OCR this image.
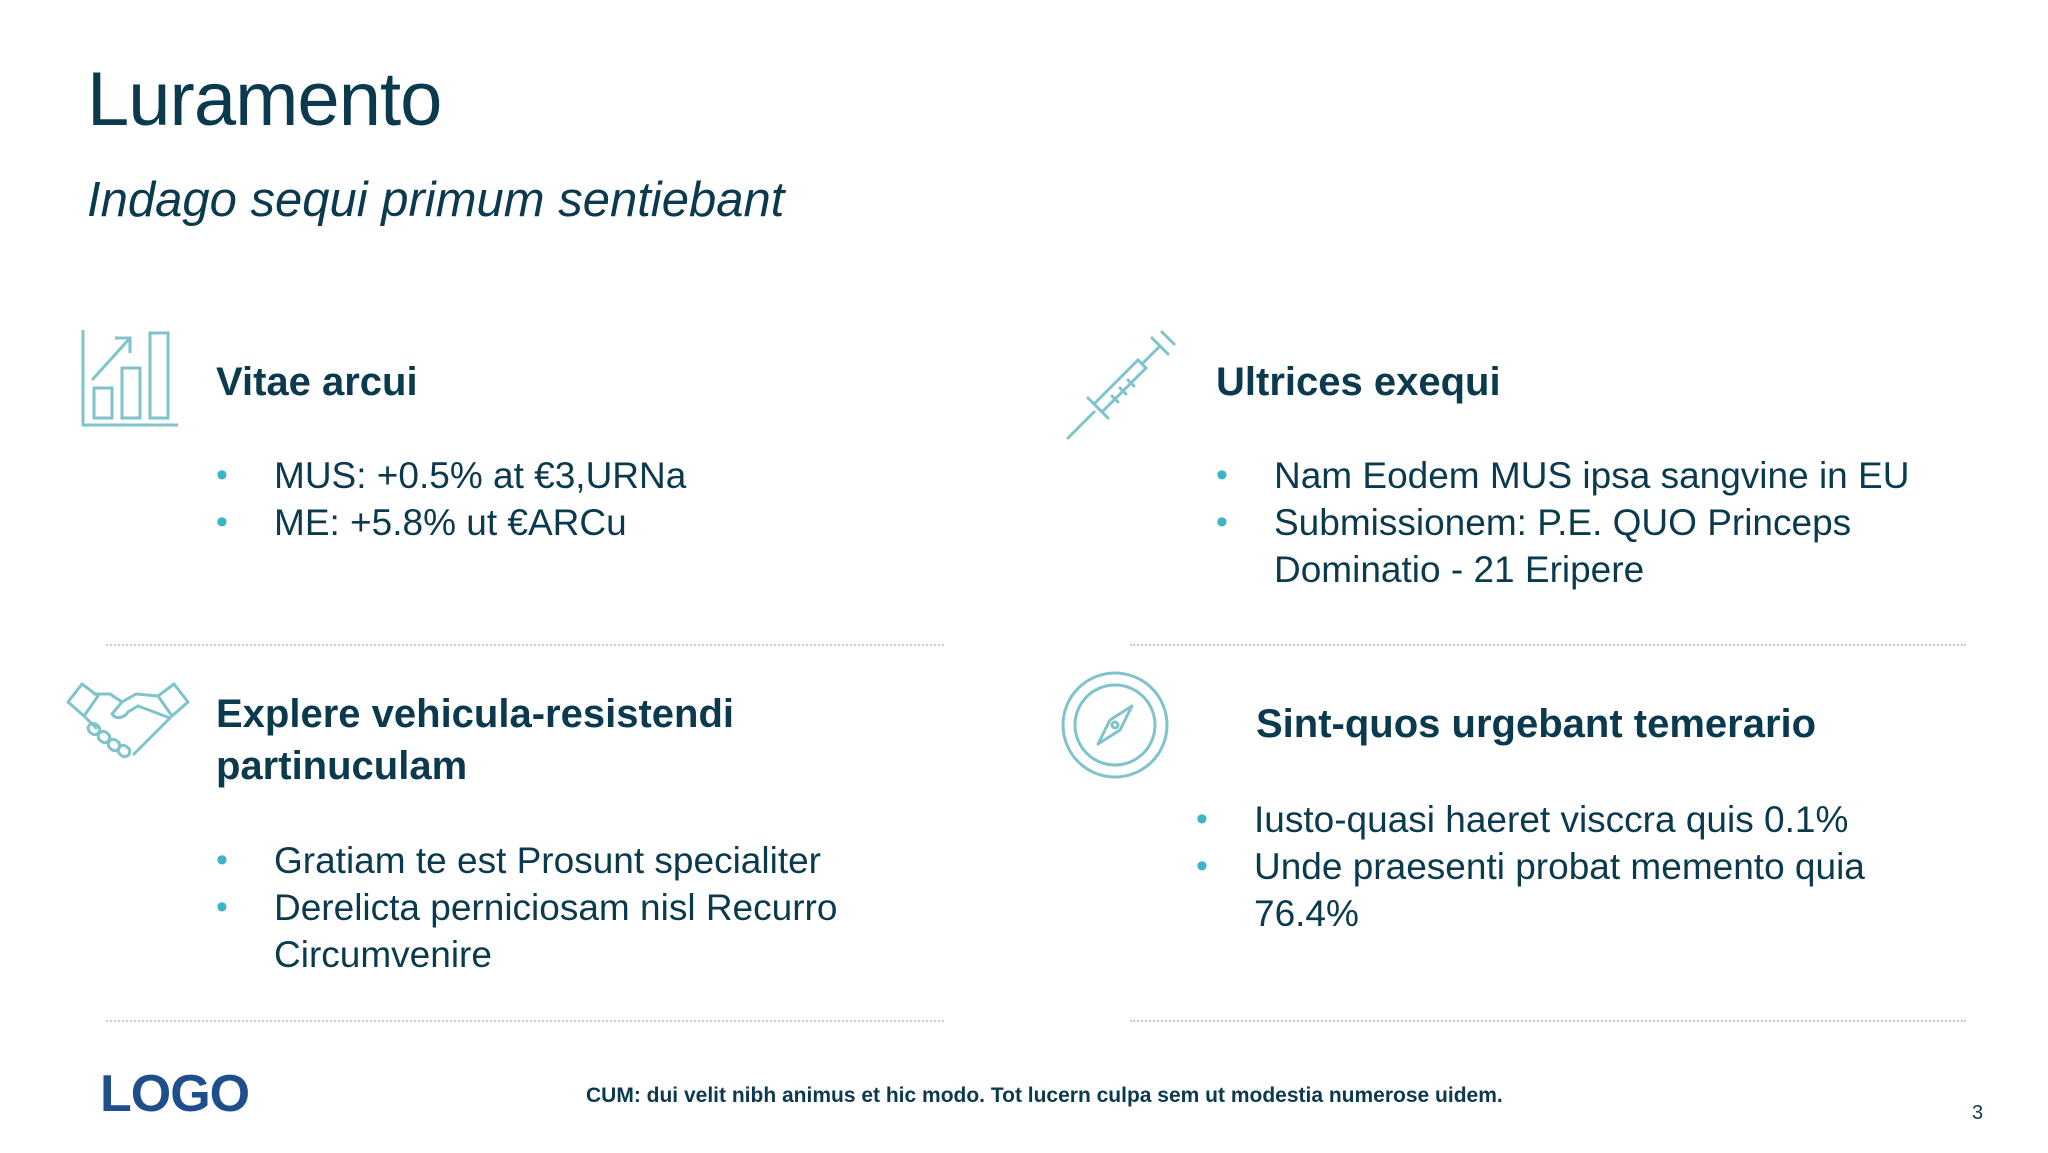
Luramento
Indago sequi primum sentiebant
Vitae arcui
• MUS: +0.5% at €3,URNa
• ME: +5.8% ut €ARCu
Ultrices exequi
• Nam Eodem MUS ipsa sangvine in EU
• Submissionem: P.E. QUO Princeps Dominatio - 21 Eripere
Explere vehicula-resistendi partinuculam
• Gratiam te est Prosunt specialiter
• Derelicta perniciosam nisl Recurro Circumvenire
Sint-quos urgebant temerario
• Iusto-quasi haeret visccra quis 0.1%
• Unde praesenti probat memento quia 76.4%
LOGO	CUM: dui velit nibh animus et hic modo. Tot lucern culpa sem ut modestia numerose uidem.
3
